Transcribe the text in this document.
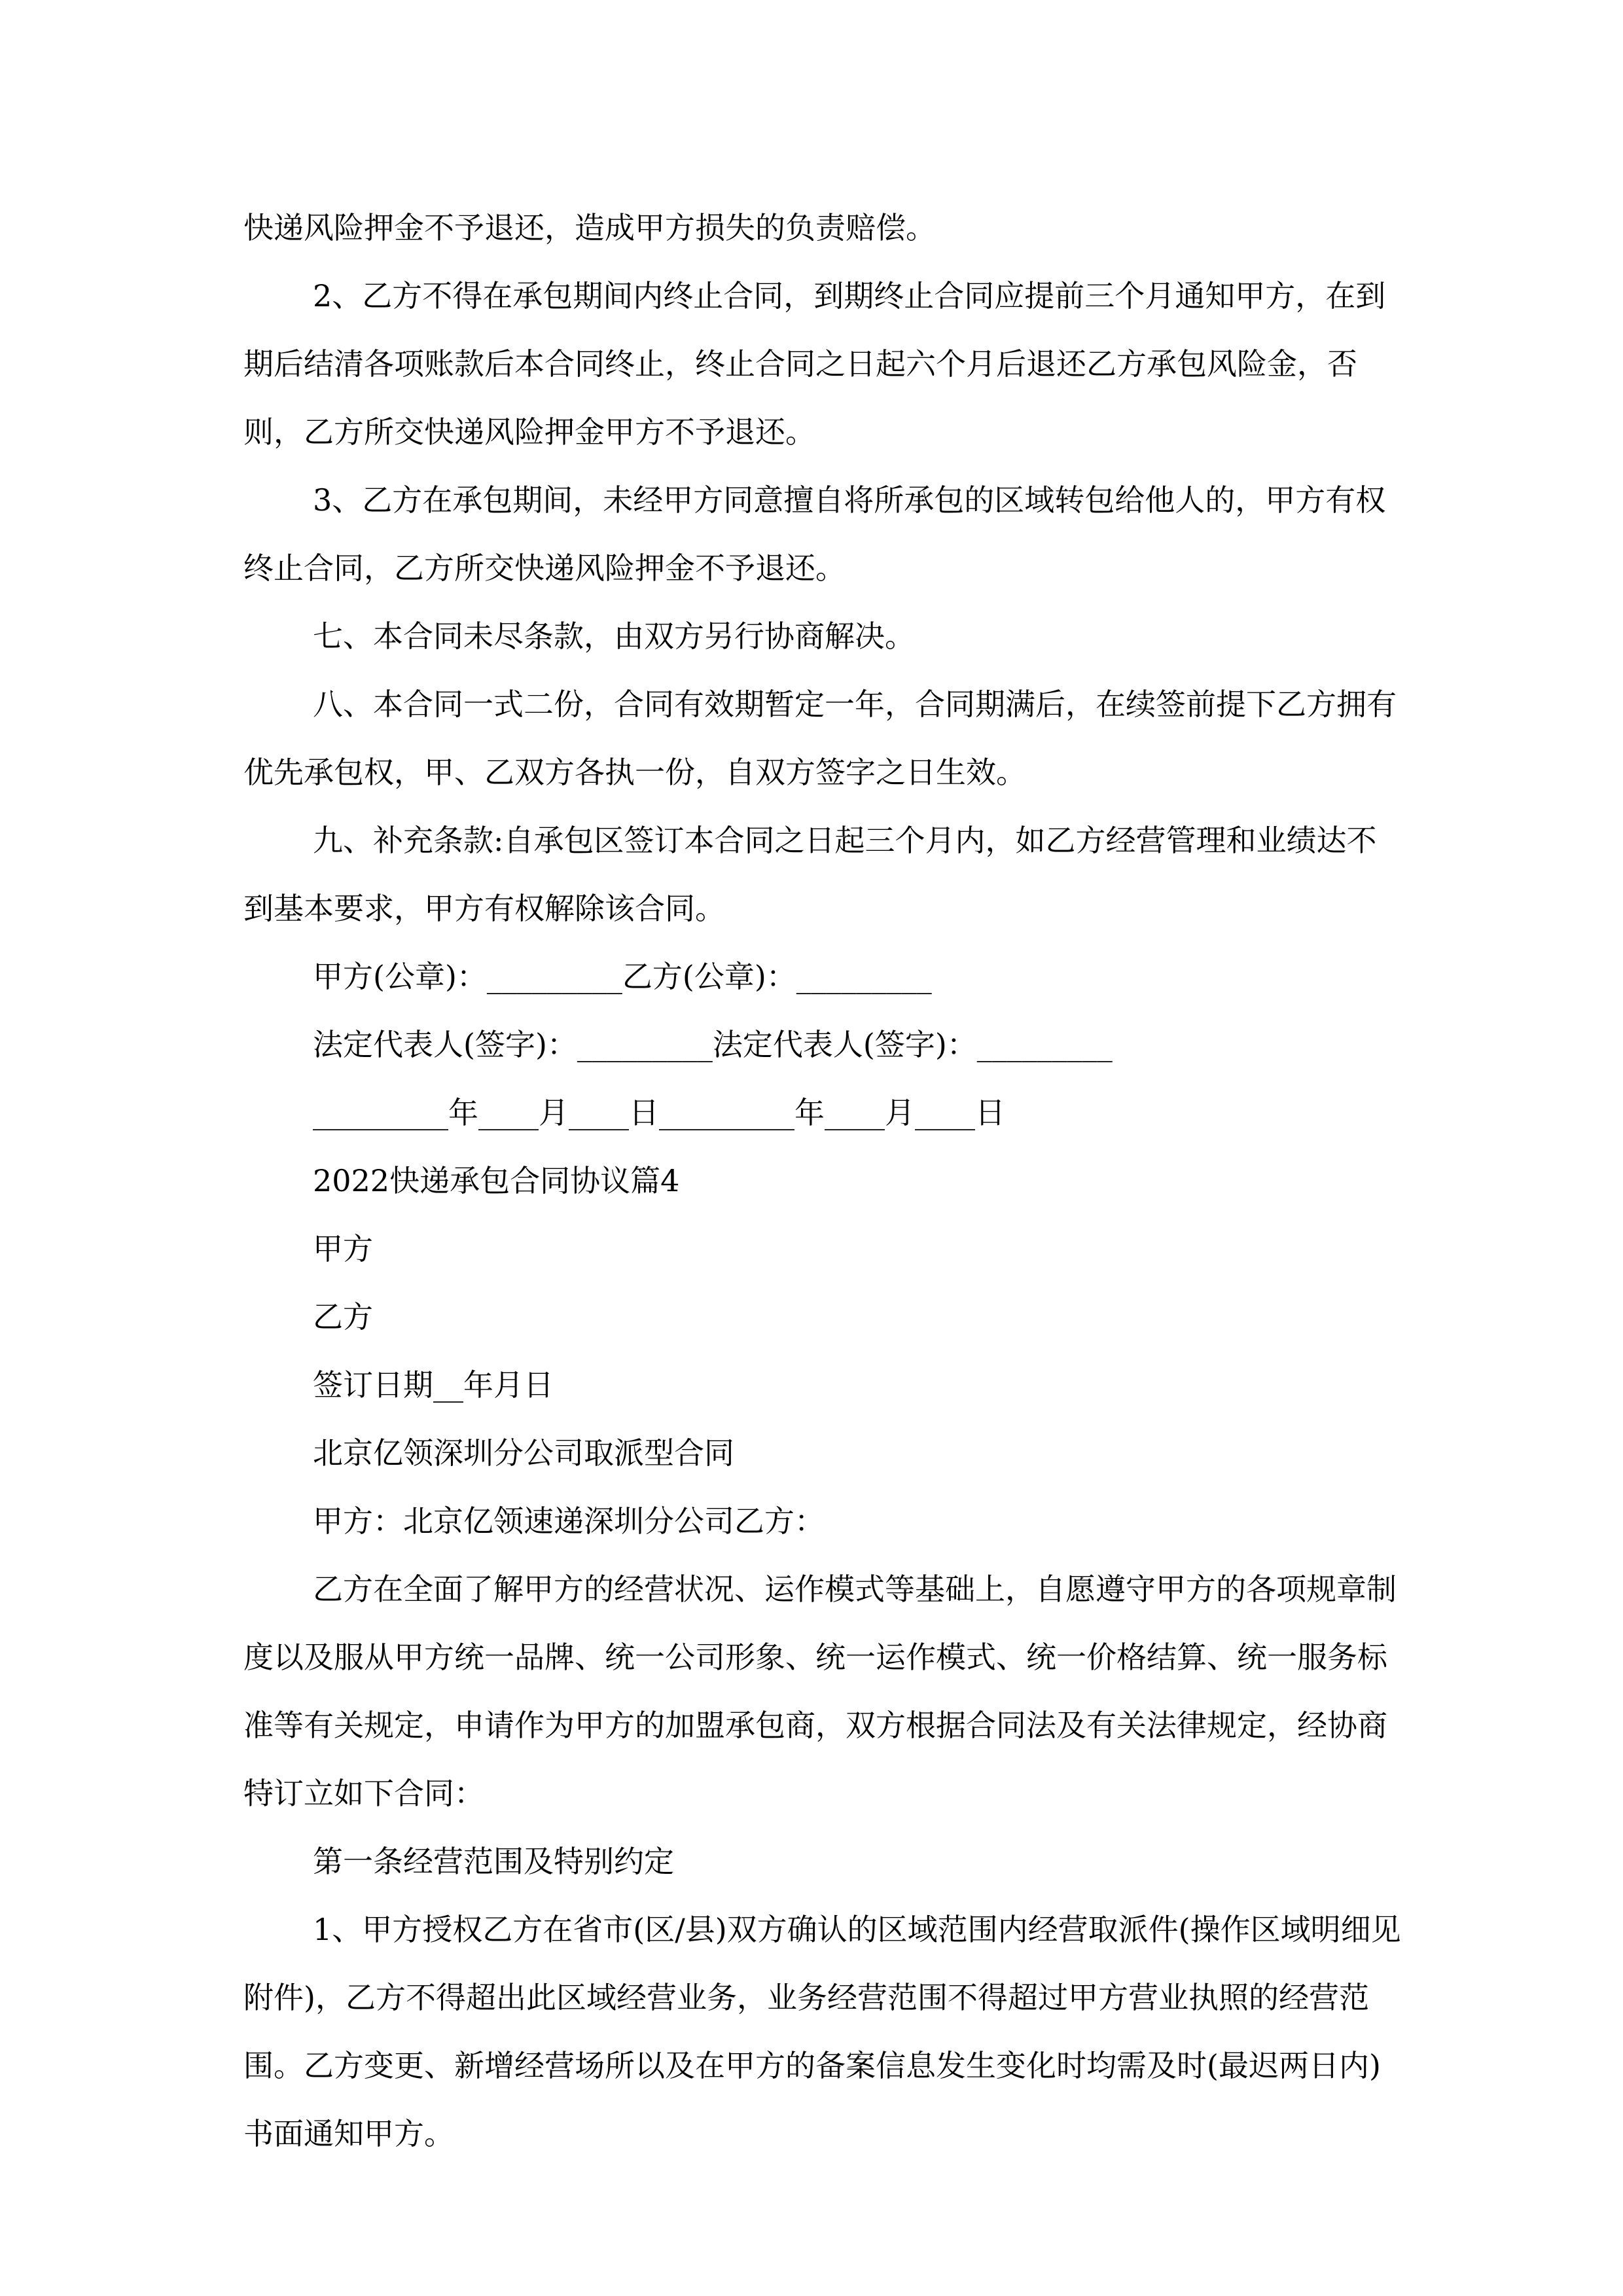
快递风险押金不予退还，造成甲方损失的负责赔偿。

2、乙方不得在承包期间内终止合同，到期终止合同应提前三个月通知甲方，在到期后结清各项账款后本合同终止，终止合同之日起六个月后退还乙方承包风险金，否则，乙方所交快递风险押金甲方不予退还。

3、乙方在承包期间，未经甲方同意擅自将所承包的区域转包给他人的，甲方有权终止合同，乙方所交快递风险押金不予退还。

七、本合同未尽条款，由双方另行协商解决。

八、本合同一式二份，合同有效期暂定一年，合同期满后，在续签前提下乙方拥有优先承包权，甲、乙双方各执一份，自双方签字之日生效。

九、补充条款:自承包区签订本合同之日起三个月内，如乙方经营管理和业绩达不到基本要求，甲方有权解除该合同。

甲方(公章)：_________乙方(公章)：_________

法定代表人(签字)：_________法定代表人(签字)：_________

_________年____月____日_________年____月____日

2022快递承包合同协议篇4

甲方

乙方

签订日期__年月日

北京亿领深圳分公司取派型合同

甲方：北京亿领速递深圳分公司乙方：

乙方在全面了解甲方的经营状况、运作模式等基础上，自愿遵守甲方的各项规章制度以及服从甲方统一品牌、统一公司形象、统一运作模式、统一价格结算、统一服务标准等有关规定，申请作为甲方的加盟承包商，双方根据合同法及有关法律规定，经协商特订立如下合同：

第一条经营范围及特别约定

1、甲方授权乙方在省市(区/县)双方确认的区域范围内经营取派件(操作区域明细见附件)，乙方不得超出此区域经营业务，业务经营范围不得超过甲方营业执照的经营范围。乙方变更、新增经营场所以及在甲方的备案信息发生变化时均需及时(最迟两日内)书面通知甲方。
